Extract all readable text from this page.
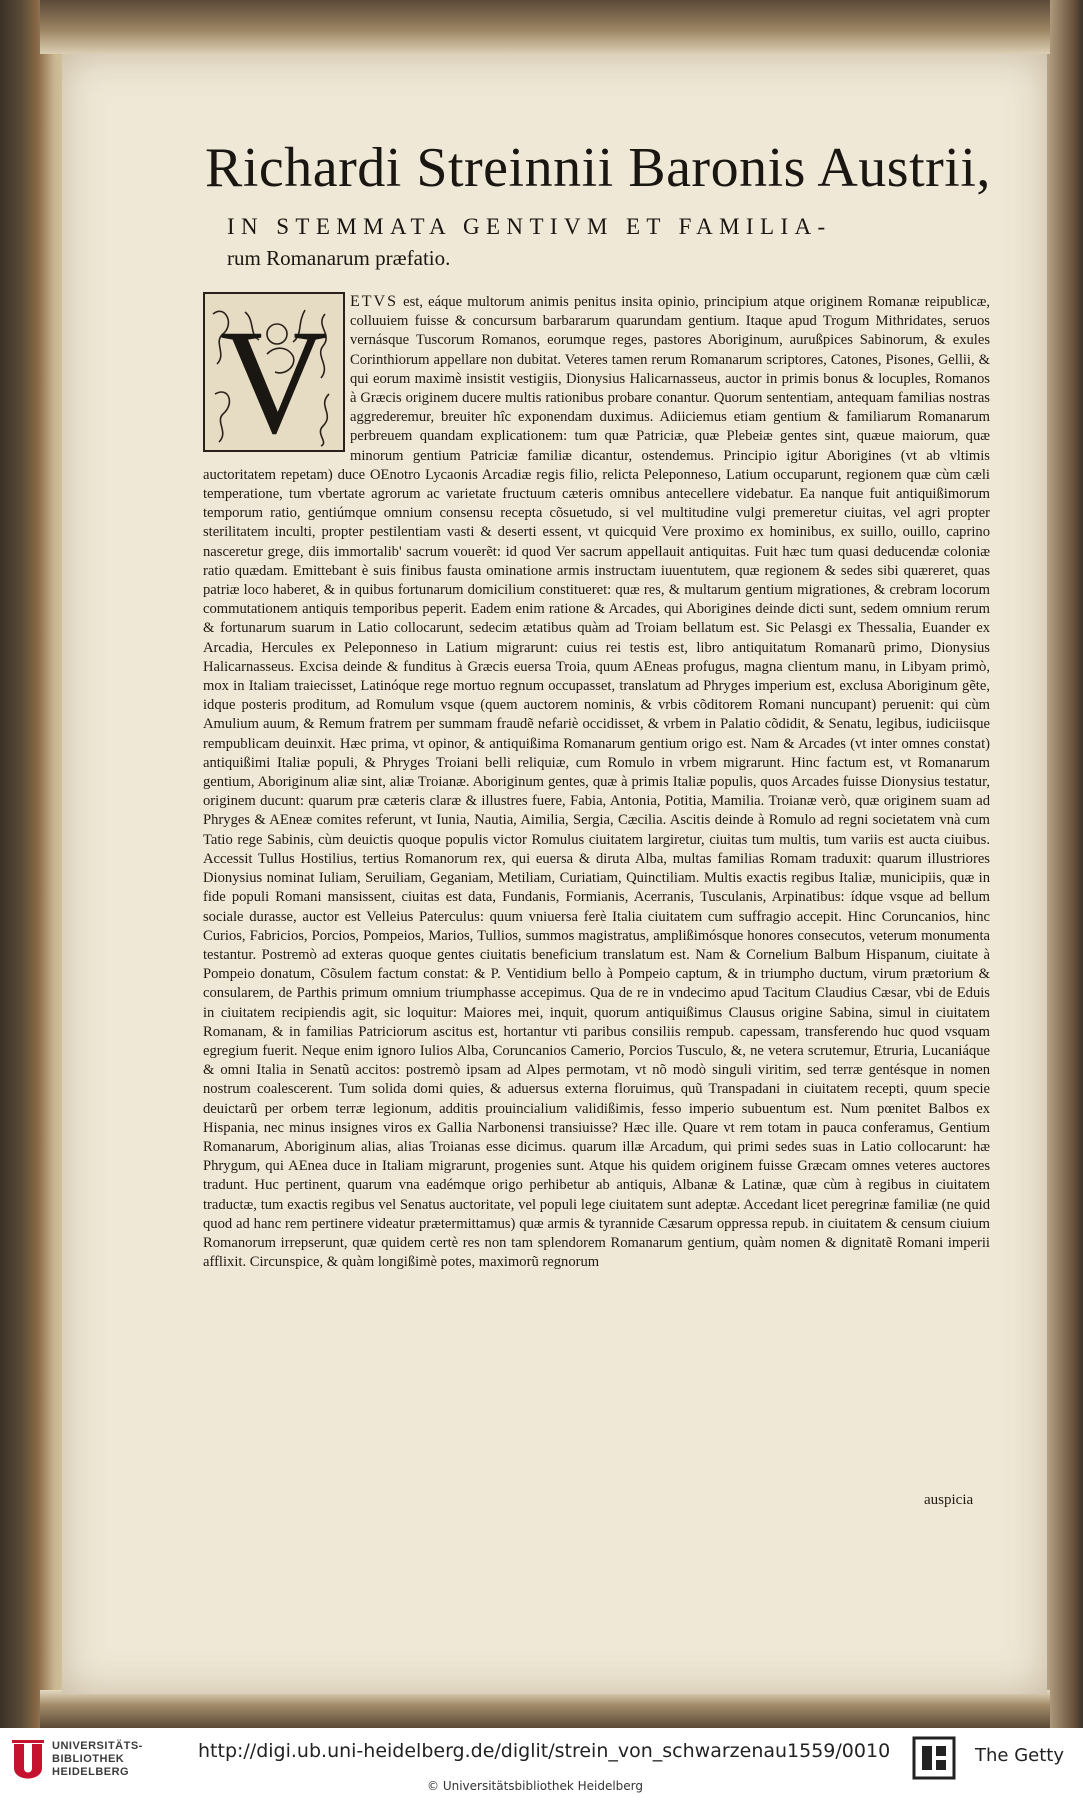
Richardi Streinnii Baronis Austrii,
IN STEMMATA GENTIVM ET FAMILIA-
rum Romanarum præfatio.
ETVS est, eáque multorum animis penitus insita opinio, principium atque originem Romanæ reipublicæ, colluuiem fuisse & concursum barbararum quarundam gentium. Itaque apud Trogum Mithridates, seruos vernásque Tuscorum Romanos, eorumque reges, pastores Aboriginum, aurußpices Sabinorum, & exules Corinthiorum appellare non dubitat. Veteres tamen rerum Romanarum scriptores, Catones, Pisones, Gellii, & qui eorum maximè insistit vestigiis, Dionysius Halicarnasseus, auctor in primis bonus & locuples, Romanos à Græcis originem ducere multis rationibus probare conantur. Quorum sententiam, antequam familias nostras aggrederemur, breuiter hîc exponendam duximus. Adiiciemus etiam gentium & familiarum Romanarum perbreuem quandam explicationem: tum quæ Patriciæ, quæ Plebeiæ gentes sint, quæue maiorum, quæ minorum gentium Patriciæ familiæ dicantur, ostendemus. Principio igitur Aborigines (vt ab vltimis auctoritatem repetam) duce OEnotro Lycaonis Arcadiæ regis filio, relicta Peleponneso, Latium occuparunt, regionem quæ cùm cæli temperatione, tum vbertate agrorum ac varietate fructuum cæteris omnibus antecellere videbatur. Ea nanque fuit antiquißimorum temporum ratio, gentiúmque omnium consensu recepta cõsuetudo, si vel multitudine vulgi premeretur ciuitas, vel agri propter sterilitatem inculti, propter pestilentiam vasti & deserti essent, vt quicquid Vere proximo ex hominibus, ex suillo, ouillo, caprino nasceretur grege, diis immortalib' sacrum vouerẽt: id quod Ver sacrum appellauit antiquitas. Fuit hæc tum quasi deducendæ coloniæ ratio quædam. Emittebant è suis finibus fausta ominatione armis instructam iuuentutem, quæ regionem & sedes sibi quæreret, quas patriæ loco haberet, & in quibus fortunarum domicilium constitueret: quæ res, & multarum gentium migrationes, & crebram locorum commutationem antiquis temporibus peperit. Eadem enim ratione & Arcades, qui Aborigines deinde dicti sunt, sedem omnium rerum & fortunarum suarum in Latio collocarunt, sedecim ætatibus quàm ad Troiam bellatum est. Sic Pelasgi ex Thessalia, Euander ex Arcadia, Hercules ex Peleponneso in Latium migrarunt: cuius rei testis est, libro antiquitatum Romanarũ primo, Dionysius Halicarnasseus. Excisa deinde & funditus à Græcis euersa Troia, quum AEneas profugus, magna clientum manu, in Libyam primò, mox in Italiam traiecisset, Latinóque rege mortuo regnum occupasset, translatum ad Phryges imperium est, exclusa Aboriginum gẽte, idque posteris proditum, ad Romulum vsque (quem auctorem nominis, & vrbis cõditorem Romani nuncupant) peruenit: qui cùm Amulium auum, & Remum fratrem per summam fraudẽ nefariè occidisset, & vrbem in Palatio cõdidit, & Senatu, legibus, iudiciisque rempublicam deuinxit. Hæc prima, vt opinor, & antiquißima Romanarum gentium origo est. Nam & Arcades (vt inter omnes constat) antiquißimi Italiæ populi, & Phryges Troiani belli reliquiæ, cum Romulo in vrbem migrarunt. Hinc factum est, vt Romanarum gentium, Aboriginum aliæ sint, aliæ Troianæ. Aboriginum gentes, quæ à primis Italiæ populis, quos Arcades fuisse Dionysius testatur, originem ducunt: quarum præ cæteris claræ & illustres fuere, Fabia, Antonia, Potitia, Mamilia. Troianæ verò, quæ originem suam ad Phryges & AEneæ comites referunt, vt Iunia, Nautia, Aimilia, Sergia, Cæcilia. Ascitis deinde à Romulo ad regni societatem vnà cum Tatio rege Sabinis, cùm deuictis quoque populis victor Romulus ciuitatem largiretur, ciuitas tum multis, tum variis est aucta ciuibus. Accessit Tullus Hostilius, tertius Romanorum rex, qui euersa & diruta Alba, multas familias Romam traduxit: quarum illustriores Dionysius nominat Iuliam, Seruiliam, Geganiam, Metiliam, Curiatiam, Quinctiliam. Multis exactis regibus Italiæ, municipiis, quæ in fide populi Romani mansissent, ciuitas est data, Fundanis, Formianis, Acerranis, Tusculanis, Arpinatibus: ídque vsque ad bellum sociale durasse, auctor est Velleius Paterculus: quum vniuersa ferè Italia ciuitatem cum suffragio accepit. Hinc Coruncanios, hinc Curios, Fabricios, Porcios, Pompeios, Marios, Tullios, summos magistratus, amplißimósque honores consecutos, veterum monumenta testantur. Postremò ad exteras quoque gentes ciuitatis beneficium translatum est. Nam & Cornelium Balbum Hispanum, ciuitate à Pompeio donatum, Cõsulem factum constat: & P. Ventidium bello à Pompeio captum, & in triumpho ductum, virum prætorium & consularem, de Parthis primum omnium triumphasse accepimus. Qua de re in vndecimo apud Tacitum Claudius Cæsar, vbi de Eduis in ciuitatem recipiendis agit, sic loquitur: Maiores mei, inquit, quorum antiquißimus Clausus origine Sabina, simul in ciuitatem Romanam, & in familias Patriciorum ascitus est, hortantur vti paribus consiliis rempub. capessam, transferendo huc quod vsquam egregium fuerit. Neque enim ignoro Iulios Alba, Coruncanios Camerio, Porcios Tusculo, &, ne vetera scrutemur, Etruria, Lucaniáque & omni Italia in Senatũ accitos: postremò ipsam ad Alpes permotam, vt nõ modò singuli viritim, sed terræ gentésque in nomen nostrum coalescerent. Tum solida domi quies, & aduersus externa floruimus, quũ Transpadani in ciuitatem recepti, quum specie deuictarũ per orbem terræ legionum, additis prouincialium validißimis, fesso imperio subuentum est. Num pœnitet Balbos ex Hispania, nec minus insignes viros ex Gallia Narbonensi transiuisse? Hæc ille. Quare vt rem totam in pauca conferamus, Gentium Romanarum, Aboriginum alias, alias Troianas esse dicimus. quarum illæ Arcadum, qui primi sedes suas in Latio collocarunt: hæ Phrygum, qui AEnea duce in Italiam migrarunt, progenies sunt. Atque his quidem originem fuisse Græcam omnes veteres auctores tradunt. Huc pertinent, quarum vna eadémque origo perhibetur ab antiquis, Albanæ & Latinæ, quæ cùm à regibus in ciuitatem traductæ, tum exactis regibus vel Senatus auctoritate, vel populi lege ciuitatem sunt adeptæ. Accedant licet peregrinæ familiæ (ne quid quod ad hanc rem pertinere videatur prætermittamus) quæ armis & tyrannide Cæsarum oppressa repub. in ciuitatem & censum ciuium Romanorum irrepserunt, quæ quidem certè res non tam splendorem Romanarum gentium, quàm nomen & dignitatẽ Romani imperii afflixit. Circunspice, & quàm longißimè potes, maximorũ regnorum
V
auspicia
UNIVERSITÄTS-
BIBLIOTHEK
HEIDELBERG
http://digi.ub.uni-heidelberg.de/diglit/strein_von_schwarzenau1559/0010
© Universitätsbibliothek Heidelberg
The Getty
